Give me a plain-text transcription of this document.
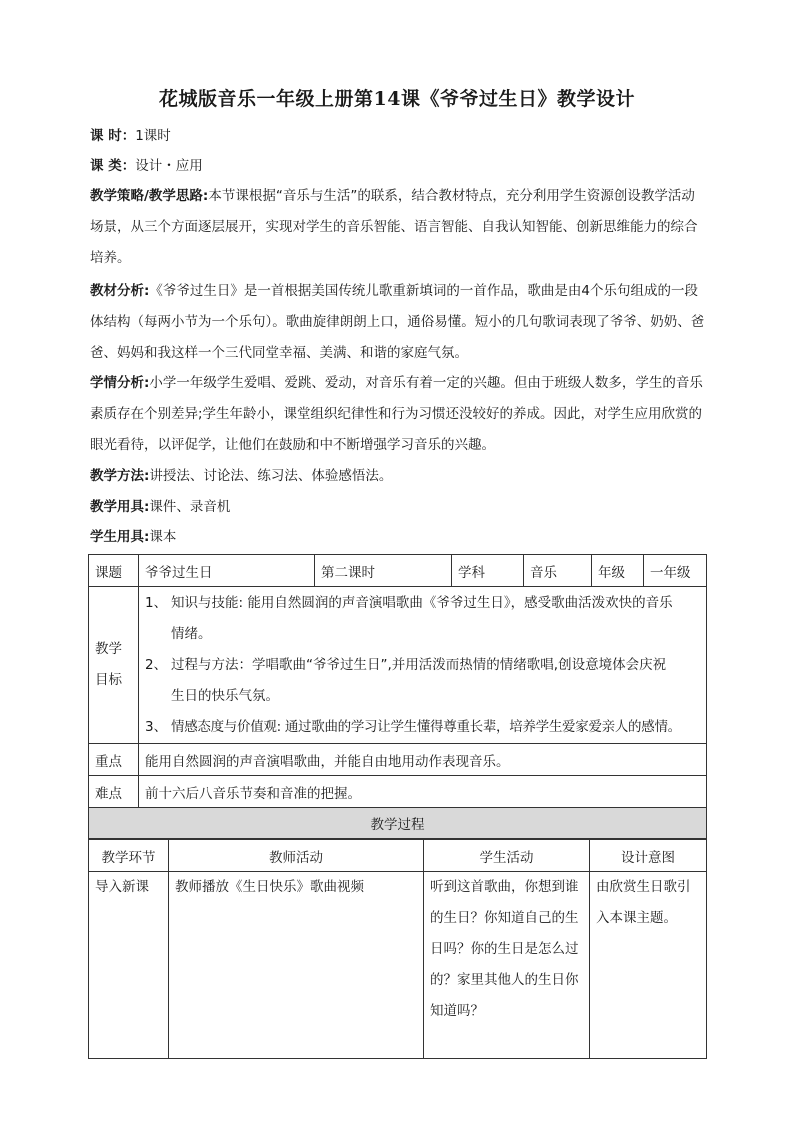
花城版音乐一年级上册第14课《爷爷过生日》教学设计
课 时：1课时
课 类：设计・应用
教学策略/教学思路:本节课根据“音乐与生活”的联系，结合教材特点，充分利用学生资源创设教学活动场景，从三个方面逐层展开，实现对学生的音乐智能、语言智能、自我认知智能、创新思维能力的综合培养。
教材分析:《爷爷过生日》是一首根据美国传统儿歌重新填词的一首作品，歌曲是由4个乐句组成的一段体结构（每两小节为一个乐句）。歌曲旋律朗朗上口，通俗易懂。短小的几句歌词表现了爷爷、奶奶、爸爸、妈妈和我这样一个三代同堂幸福、美满、和谐的家庭气氛。
学情分析:小学一年级学生爱唱、爱跳、爱动，对音乐有着一定的兴趣。但由于班级人数多，学生的音乐素质存在个别差异;学生年龄小，课堂组织纪律性和行为习惯还没较好的养成。因此，对学生应用欣赏的眼光看待，以评促学，让他们在鼓励和中不断增强学习音乐的兴趣。
教学方法:讲授法、讨论法、练习法、体验感悟法。
教学用具:课件、录音机
学生用具:课本
课题	爷爷过生日	第二课时	学科	音乐	年级	一年级

教学目标	1、 知识与技能: 能用自然圆润的声音演唱歌曲《爷爷过生日》，感受歌曲活泼欢快的音乐
情绪。
2、 过程与方法：学唱歌曲“爷爷过生日”,并用活泼而热情的情绪歌唱,创设意境体会庆祝
生日的快乐气氛。
3、 情感态度与价值观: 通过歌曲的学习让学生懂得尊重长辈，培养学生爱家爱亲人的感情。					

重点	能用自然圆润的声音演唱歌曲，并能自由地用动作表现音乐。					
难点	前十六后八音乐节奏和音准的把握。					
教学过程						
教学环节	教师活动	学生活动	设计意图
导入新课	教师播放《生日快乐》歌曲视频	听到这首歌曲，你想到谁的生日？你知道自己的生日吗？你的生日是怎么过的？家里其他人的生日你知道吗？	由欣赏生日歌引入本课主题。
